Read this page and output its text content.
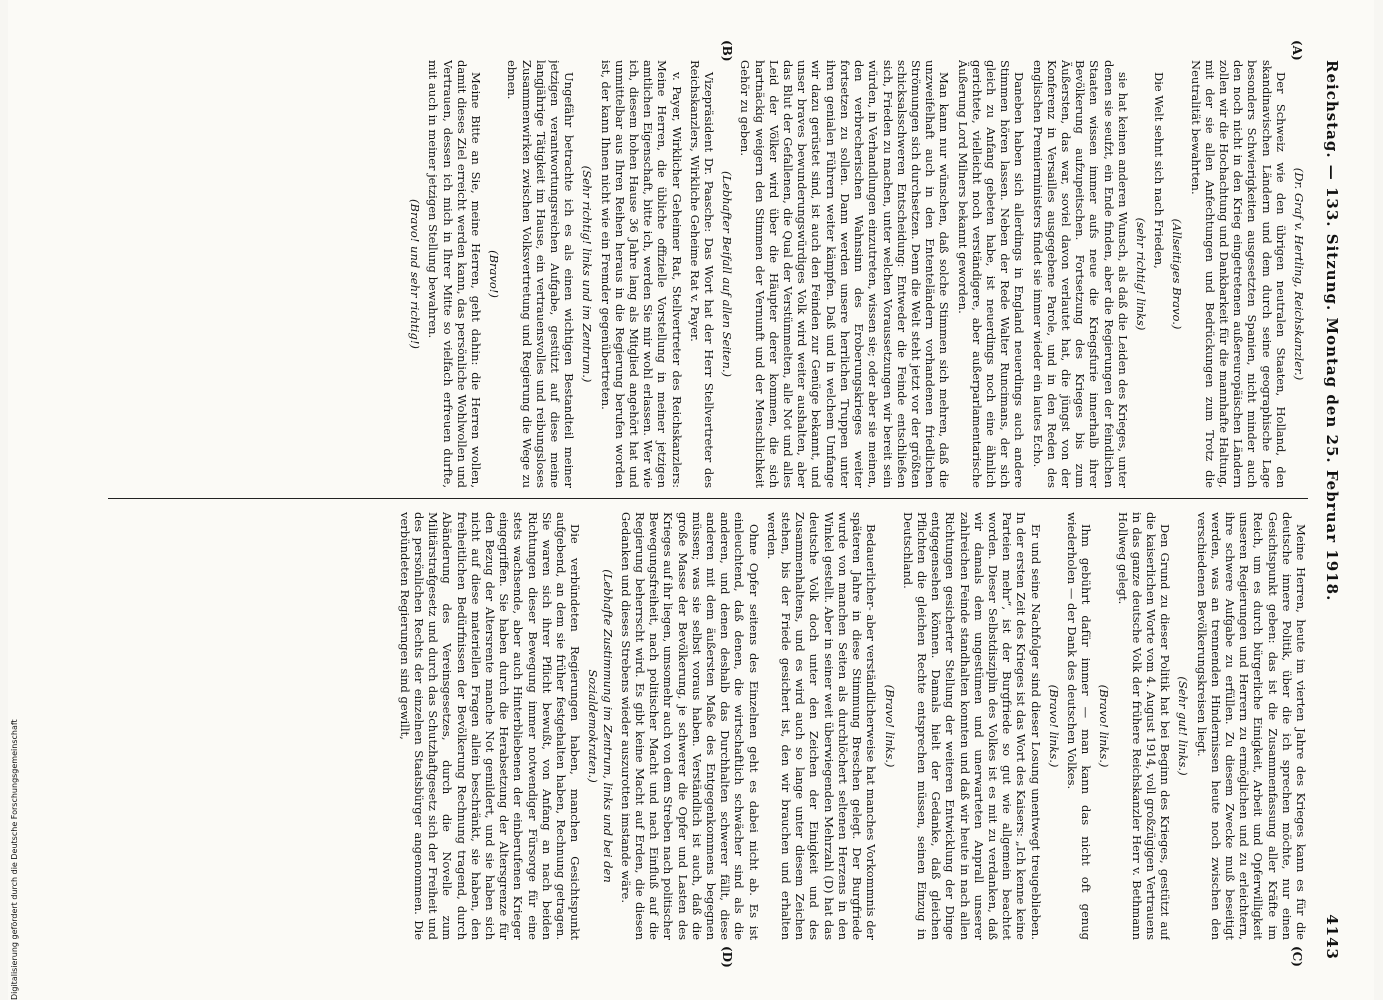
Reichstag. — 133. Sitzung. Montag den 25. Februar 1918.
4143
(A)
(B)
(C)
(D)
(Dr. Graf v. Hertling, Reichskanzler.)
Der Schweiz wie den übrigen neutralen Staaten, Holland, den skandinavischen Ländern und dem durch seine geographische Lage besonders Schwierigkeiten ausgesetzten Spanien, nicht minder auch den noch nicht in den Krieg eingetretenen außereuropäischen Ländern zollen wir die Hochachtung und Dankbarkeit für die mannhafte Haltung, mit der sie allen Anfechtungen und Bedrückungen zum Trotz die Neutralität bewahrten.
(Allseitiges Bravo.)
Die Welt sehnt sich nach Frieden,
(sehr richtig! links)
sie hat keinen anderen Wunsch, als daß die Leiden des Krieges, unter denen sie seufzt, ein Ende finden, aber die Regierungen der feindlichen Staaten wissen immer aufs neue die Kriegsfurie innerhalb ihrer Bevölkerung aufzupeitschen. Fortsetzung des Krieges bis zum Äußersten, das war, soviel davon verlautet hat, die jüngst von der Konferenz in Versailles ausgegebene Parole, und in den Reden des englischen Premierministers findet sie immer wieder ein lautes Echo.
Daneben haben sich allerdings in England neuerdings auch andere Stimmen hören lassen. Neben der Rede Walter Runcimans, der sich gleich zu Anfang gebeten habe, ist neuerdings noch eine ähnlich gerichtete, vielleicht noch verständigere, aber außerparlamentarische Äußerung Lord Milners bekannt geworden.
Man kann nur wünschen, daß solche Stimmen sich mehren, daß die unzweifelhaft auch in den Ententeländern vorhandenen friedlichen Strömungen sich durchsetzen. Denn die Welt steht jetzt vor der größten schicksalsschweren Entscheidung: Entweder die Feinde entschließen sich, Frieden zu machen, unter welchen Voraussetzungen wir bereit sein würden, in Verhandlungen einzutreten, wissen sie; oder aber sie meinen, den verbrecherischen Wahnsinn des Eroberungskrieges weiter fortsetzen zu sollen. Dann werden unsere herrlichen Truppen unter ihren genialen Führern weiter kämpfen. Daß und in welchem Umfange wir dazu gerüstet sind, ist auch den Feinden zur Genüge bekannt, und unser braves bewunderungswürdiges Volk wird weiter aushalten, aber das Blut der Gefallenen, die Qual der Verstümmelten, alle Not und alles Leid der Völker wird über die Häupter derer kommen, die sich hartnäckig weigern den Stimmen der Vernunft und der Menschlichkeit Gehör zu geben.
(Lebhafter Beifall auf allen Seiten.)
Vizepräsident Dr. Paasche: Das Wort hat der Herr Stellvertreter des Reichskanzlers, Wirkliche Geheime Rat v. Payer.
v. Payer, Wirklicher Geheimer Rat, Stellvertreter des Reichskanzlers: Meine Herren, die übliche offizielle Vorstellung in meiner jetzigen amtlichen Eigenschaft, bitte ich, werden Sie mir wohl erlassen. Wer wie ich, diesem hohen Hause 36 Jahre lang als Mitglied angehört hat und unmittelbar aus Ihren Reihen heraus in die Regierung berufen worden ist, der kann Ihnen nicht wie ein Fremder gegenübertreten.
(Sehr richtig! links und im Zentrum.)
Ungefähr betrachte ich es als einen wichtigen Bestandteil meiner jetzigen verantwortungsreichen Aufgabe, gestützt auf diese meine langjährige Tätigkeit im Hause, ein vertrauensvolles und reibungsloses Zusammenwirken zwischen Volksvertretung und Regierung die Wege zu ebnen.
(Bravo!)
Meine Bitte an Sie, meine Herren, geht dahin: die Herren wollen, damit dieses Ziel erreicht werden kann, das persönliche Wohlwollen und Vertrauen, dessen ich mich in Ihrer Mitte so vielfach erfreuen durfte, mit auch in meiner jetzigen Stellung bewahren.
(Bravo! und sehr richtig!)
Meine Herren, heute im vierten Jahre des Krieges kann es für die deutsche innere Politik, über die ich sprechen möchte, nur einen Gesichtspunkt geben: das ist die Zusammenfassung aller Kräfte im Reich, um es durch bürgerliche Einigkeit, Arbeit und Opferwilligkeit unseren Regierungen und Herrern zu ermöglichen und zu erleichtern, ihre schwere Aufgabe zu erfüllen. Zu diesem Zwecke muß beseitigt werden, was an trennenden Hindernissen heute noch zwischen den verschiedenen Bevölkerungskreisen liegt.
(Sehr gut! links.)
Den Grund zu dieser Politik hat bei Beginn des Krieges, gestützt auf die kaiserlichen Worte vom 4. August 1914, voll großzügigen Vertrauens in das ganze deutsche Volk der frühere Reichskanzler Herr v. Bethmann Hollweg gelegt.
(Bravo! links.)
Ihm gebührt dafür immer — man kann das nicht oft genug wiederholen — der Dank des deutschen Volkes.
(Bravo! links.)
Er und seine Nachfolger sind dieser Losung unentwegt treugeblieben. In der ersten Zeit des Krieges ist das Wort des Kaisers: „Ich kenne keine Parteien mehr“, ist der Burgfriede so gut wie allgemein beachtet worden. Dieser Selbstdisziplin des Volkes ist es mit zu verdanken, daß wir damals dem ungestümen und unerwarteten Anprall unserer zahlreichen Feinde standhalten konnten und daß wir heute in nach allen Richtungen gesicherter Stellung der weiteren Entwicklung der Dinge entgegensehen können. Damals hielt der Gedanke, daß gleichen Pflichten die gleichen Rechte entsprechen müssen, seinen Einzug in Deutschland.
(Bravo! links.)
Bedauerlicher- aber verständlicherweise hat manches Vorkommnis der späteren Jahre in diese Stimmung Breschen gelegt. Der Burgfriede wurde von manchen Seiten als durchlöchert seltenen Herzens in den Winkel gestellt. Aber in seiner weit überwiegenden Mehrzahl (D) hat das deutsche Volk doch unter den Zeichen der Einigkeit und des Zusammenhaltens, und es wird auch so lange unter diesem Zeichen stehen, bis der Friede gesichert ist, den wir brauchen und erhalten werden.
Ohne Opfer seitens des Einzelnen geht es dabei nicht ab. Es ist einleuchtend, daß denen, die wirtschaftlich schwächer sind als die anderen, und denen deshalb das Durchhalten schwerer fällt, diese anderen mit dem äußersten Maße des Entgegenkommens begegnen müssen; was sie selbst voraus haben. Verständlich ist auch, daß die große Masse der Bevölkerung, je schwerer die Opfer und Lasten des Krieges auf ihr liegen, umsomehr auch von dem Streben nach politischer Bewegungsfreiheit, nach politischer Macht und nach Einfluß auf die Regierung beherrscht wird. Es gibt keine Macht auf Erden, die diesen Gedanken und dieses Strebens wieder auszurotten imstande wäre.
(Lebhafte Zustimmung im Zentrum, links und bei den Sozialdemokraten.)
Die verbündeten Regierungen haben, manchen Gesichtspunkt aufgebend, an dem sie früher festgehalten haben, Rechnung getragen. Sie waren sich ihrer Pflicht bewußt, von Anfang an nach beiden Richtungen dieser Bewegung immer notwendiger Fürsorge für eine stets wachsende, aber auch Hinterbliebenen der einberufenen Krieger eingegriffen. Sie haben durch die Herabsetzung der Altersgrenze für den Bezug der Altersrente manche Not gemildert, und sie haben sich nicht auf diese materiellen Fragen allein beschränkt, sie haben, den freiheitlichen Bedürfnissen der Bevölkerung Rechnung tragend, durch Abänderung des Vereinsgesetzes, durch die Novelle zum Militärstrafgesetz und durch das Schutzhaftgesetz sich der Freiheit und des persönlichen Rechts der einzelnen Staatsbürger angenommen. Die verbündeten Regierungen sind gewillt,
Digitalisierung gefördert durch die Deutsche Forschungsgemeinschaft
